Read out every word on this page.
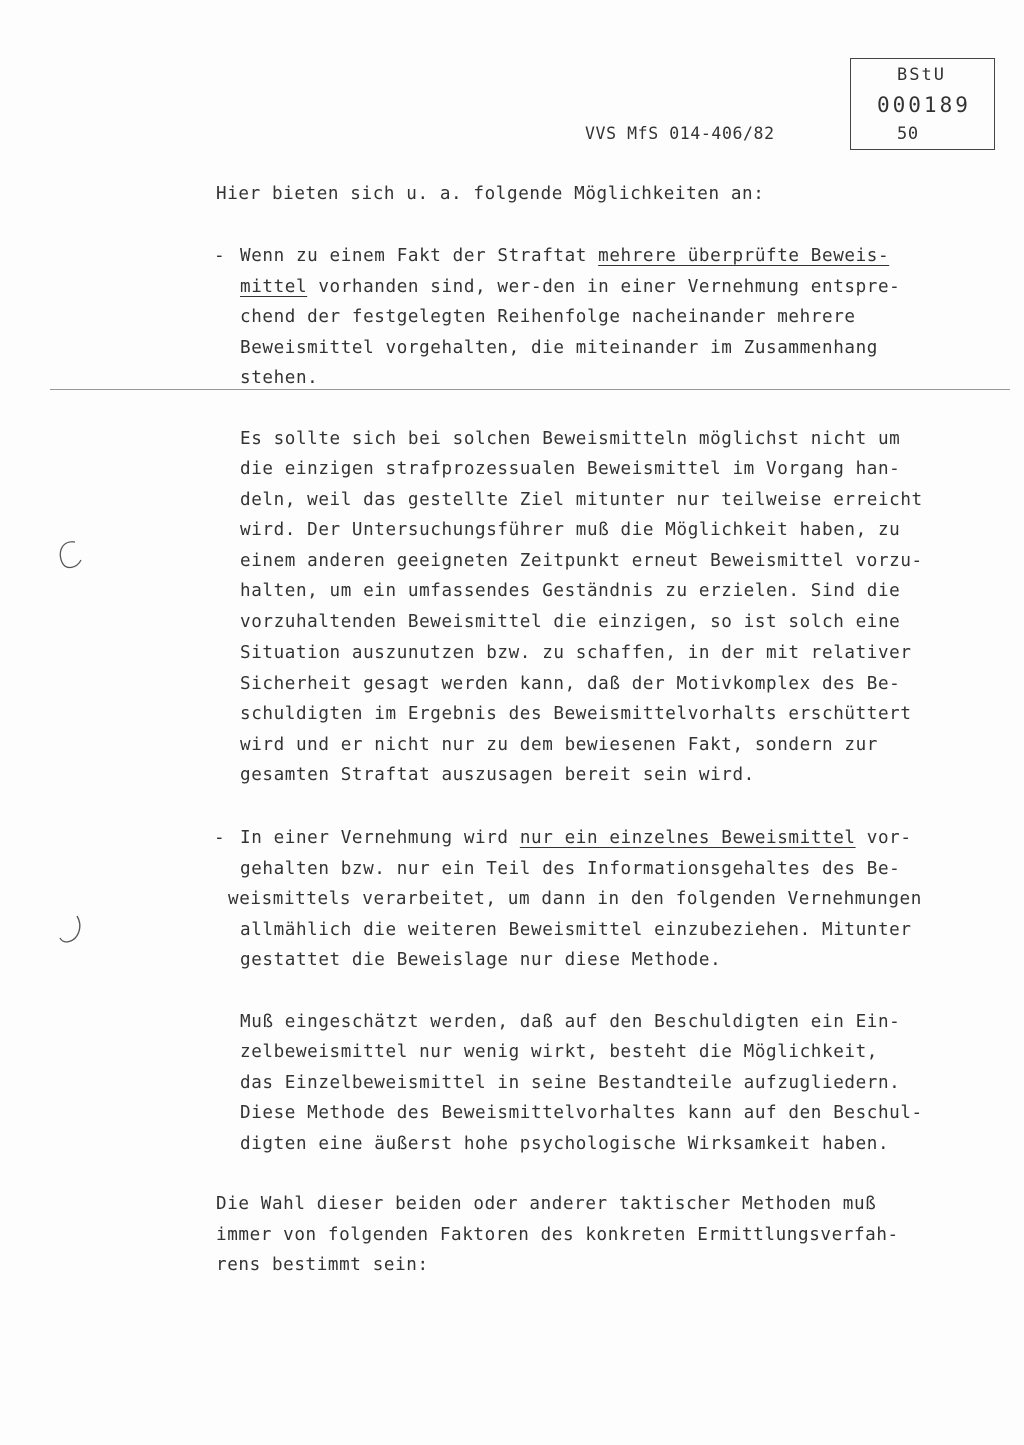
BStU
000189
50
VVS MfS 014-406/82
Hier bieten sich u. a. folgende Möglichkeiten an:
- Wenn zu einem Fakt der Straftat mehrere überprüfte Beweis-
mittel vorhanden sind, wer-den in einer Vernehmung entspre-
chend der festgelegten Reihenfolge nacheinander mehrere
Beweismittel vorgehalten, die miteinander im Zusammenhang
stehen.
Es sollte sich bei solchen Beweismitteln möglichst nicht um
die einzigen strafprozessualen Beweismittel im Vorgang han-
deln, weil das gestellte Ziel mitunter nur teilweise erreicht
wird. Der Untersuchungsführer muß die Möglichkeit haben, zu
einem anderen geeigneten Zeitpunkt erneut Beweismittel vorzu-
halten, um ein umfassendes Geständnis zu erzielen. Sind die
vorzuhaltenden Beweismittel die einzigen, so ist solch eine
Situation auszunutzen bzw. zu schaffen, in der mit relativer
Sicherheit gesagt werden kann, daß der Motivkomplex des Be-
schuldigten im Ergebnis des Beweismittelvorhalts erschüttert
wird und er nicht nur zu dem bewiesenen Fakt, sondern zur
gesamten Straftat auszusagen bereit sein wird.
- In einer Vernehmung wird nur ein einzelnes Beweismittel vor-
gehalten bzw. nur ein Teil des Informationsgehaltes des Be-
weismittels verarbeitet, um dann in den folgenden Vernehmungen
allmählich die weiteren Beweismittel einzubeziehen. Mitunter
gestattet die Beweislage nur diese Methode.
Muß eingeschätzt werden, daß auf den Beschuldigten ein Ein-
zelbeweismittel nur wenig wirkt, besteht die Möglichkeit,
das Einzelbeweismittel in seine Bestandteile aufzugliedern.
Diese Methode des Beweismittelvorhaltes kann auf den Beschul-
digten eine äußerst hohe psychologische Wirksamkeit haben.
Die Wahl dieser beiden oder anderer taktischer Methoden muß
immer von folgenden Faktoren des konkreten Ermittlungsverfah-
rens bestimmt sein:
